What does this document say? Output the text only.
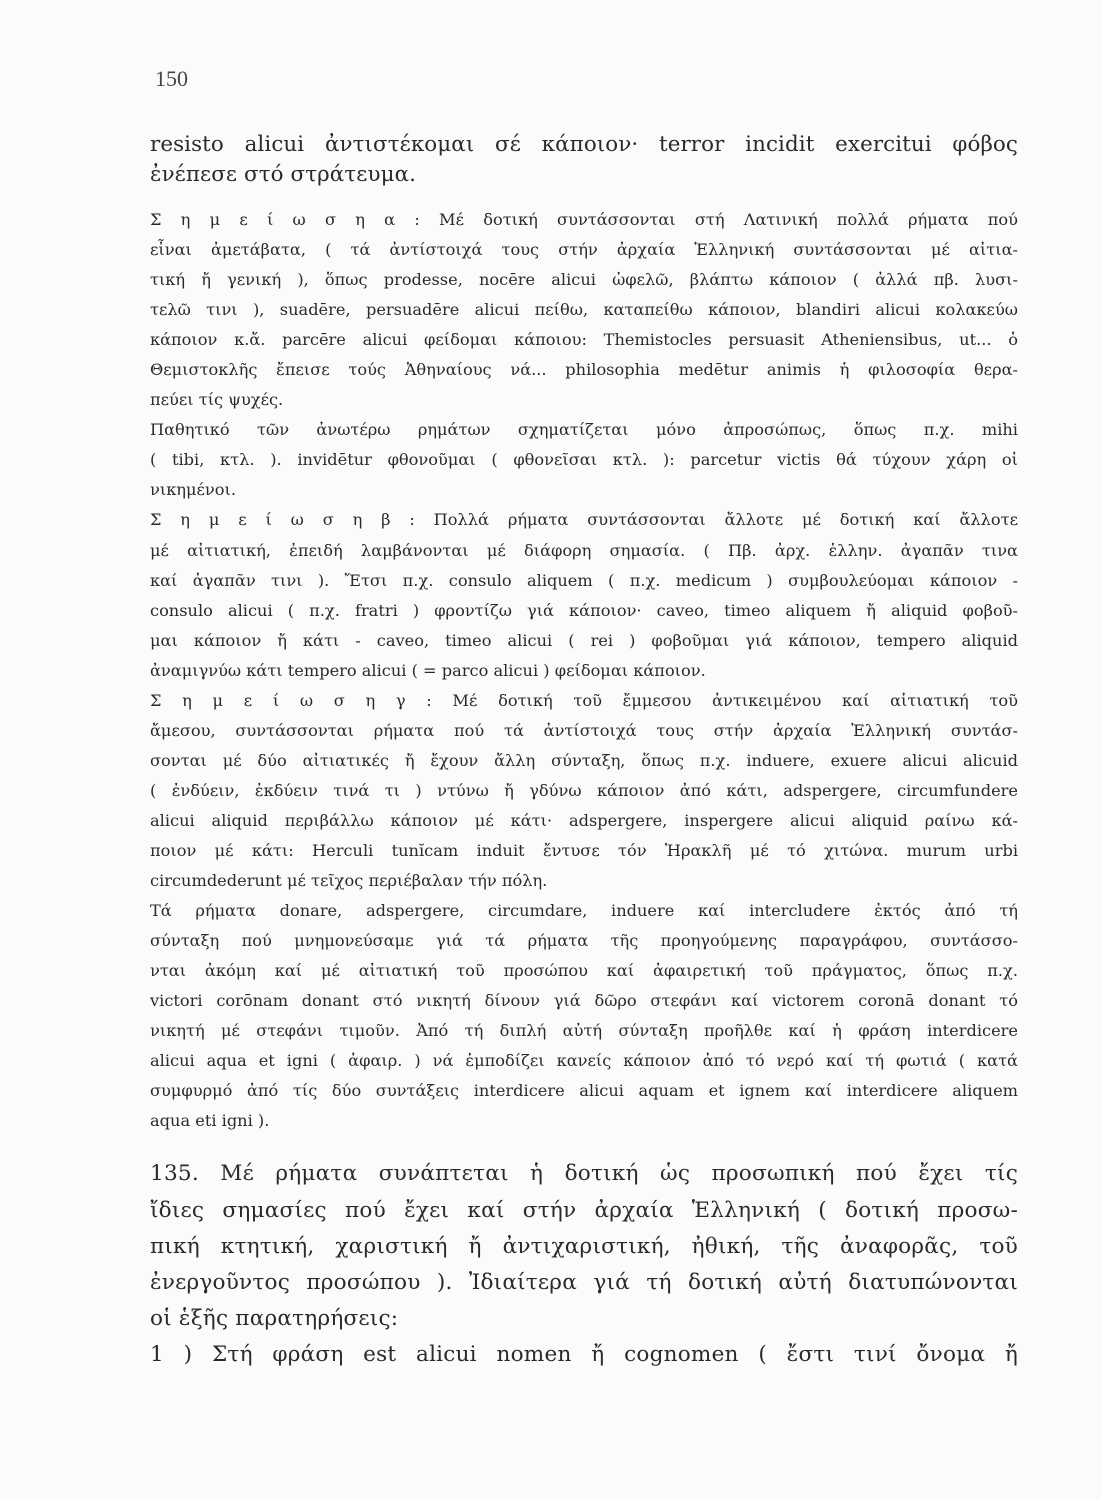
150

resisto alicui ἀντιστέκομαι σέ κάποιον· terror incidit exercitui φόβος

ἐνέπεσε στό στράτευμα.

Σ η μ ε ί ω σ η α : Μέ δοτική συντάσσονται στή Λατινική πολλά ρήματα πού

εἶναι ἀμετάβατα, ( τά ἀντίστοιχά τους στήν ἀρχαία Ἑλληνική συντάσσονται μέ αἰτια-

τική ἤ γενική ), ὅπως prodesse, nocēre alicui ὠφελῶ, βλάπτω κάποιον ( ἀλλά πβ. λυσι-

τελῶ τινι ), suadēre, persuadēre alicui πείθω, καταπείθω κάποιον, blandiri alicui κολακεύω

κάποιον κ.ἄ. parcēre alicui φείδομαι κάποιου: Themistocles persuasit Atheniensibus, ut... ὁ

Θεμιστοκλῆς ἔπεισε τούς Ἀθηναίους νά... philosophia medētur animis ἡ φιλοσοφία θερα-

πεύει τίς ψυχές.

Παθητικό τῶν ἀνωτέρω ρημάτων σχηματίζεται μόνο ἀπροσώπως, ὅπως π.χ. mihi

( tibi, κτλ. ). invidētur φθονοῦμαι ( φθονεῖσαι κτλ. ): parcetur victis θά τύχουν χάρη οἱ

νικημένοι.

Σ η μ ε ί ω σ η β : Πολλά ρήματα συντάσσονται ἄλλοτε μέ δοτική καί ἄλλοτε

μέ αἰτιατική, ἐπειδή λαμβάνονται μέ διάφορη σημασία. ( Πβ. ἀρχ. ἑλλην. ἀγαπᾶν τινα

καί ἀγαπᾶν τινι ). Ἔτσι π.χ. consulo aliquem ( π.χ. medicum ) συμβουλεύομαι κάποιον -

consulo alicui ( π.χ. fratri ) φροντίζω γιά κάποιον· caveo, timeo aliquem ἤ aliquid φοβοῦ-

μαι κάποιον ἤ κάτι - caveo, timeo alicui ( rei ) φοβοῦμαι γιά κάποιον, tempero aliquid

ἀναμιγνύω κάτι tempero alicui ( = parco alicui ) φείδομαι κάποιον.

Σ η μ ε ί ω σ η γ : Μέ δοτική τοῦ ἔμμεσου ἀντικειμένου καί αἰτιατική τοῦ

ἄμεσου, συντάσσονται ρήματα πού τά ἀντίστοιχά τους στήν ἀρχαία Ἑλληνική συντάσ-

σονται μέ δύο αἰτιατικές ἤ ἔχουν ἄλλη σύνταξη, ὅπως π.χ. induere, exuere alicui alicuid

( ἐνδύειν, ἐκδύειν τινά τι ) ντύνω ἤ γδύνω κάποιον ἀπό κάτι, adspergere, circumfundere

alicui aliquid περιβάλλω κάποιον μέ κάτι· adspergere, inspergere alicui aliquid ραίνω κά-

ποιον μέ κάτι: Herculi tunĭcam induit ἔντυσε τόν Ἡρακλῆ μέ τό χιτώνα. murum urbi

circumdederunt μέ τεῖχος περιέβαλαν τήν πόλη.

Τά ρήματα donare, adspergere, circumdare, induere καί intercludere ἐκτός ἀπό τή

σύνταξη πού μνημονεύσαμε γιά τά ρήματα τῆς προηγούμενης παραγράφου, συντάσσο-

νται ἀκόμη καί μέ αἰτιατική τοῦ προσώπου καί ἀφαιρετική τοῦ πράγματος, ὅπως π.χ.

victori corōnam donant στό νικητή δίνουν γιά δῶρο στεφάνι καί victorem coronā donant τό

νικητή μέ στεφάνι τιμοῦν. Ἀπό τή διπλή αὐτή σύνταξη προῆλθε καί ἡ φράση interdicere

alicui aqua et igni ( ἀφαιρ. ) νά ἐμποδίζει κανείς κάποιον ἀπό τό νερό καί τή φωτιά ( κατά

συμφυρμό ἀπό τίς δύο συντάξεις interdicere alicui aquam et ignem καί interdicere aliquem

aqua eti igni ).

135. Μέ ρήματα συνάπτεται ἡ δοτική ὡς προσωπική πού ἔχει τίς

ἴδιες σημασίες πού ἔχει καί στήν ἀρχαία Ἑλληνική ( δοτική προσω-

πική κτητική, χαριστική ἤ ἀντιχαριστική, ἠθική, τῆς ἀναφορᾶς, τοῦ

ἐνεργοῦντος προσώπου ). Ἰδιαίτερα γιά τή δοτική αὐτή διατυπώνονται

οἱ ἑξῆς παρατηρήσεις:

1 ) Στή φράση est alicui nomen ἤ cognomen ( ἔστι τινί ὄνομα ἤ
